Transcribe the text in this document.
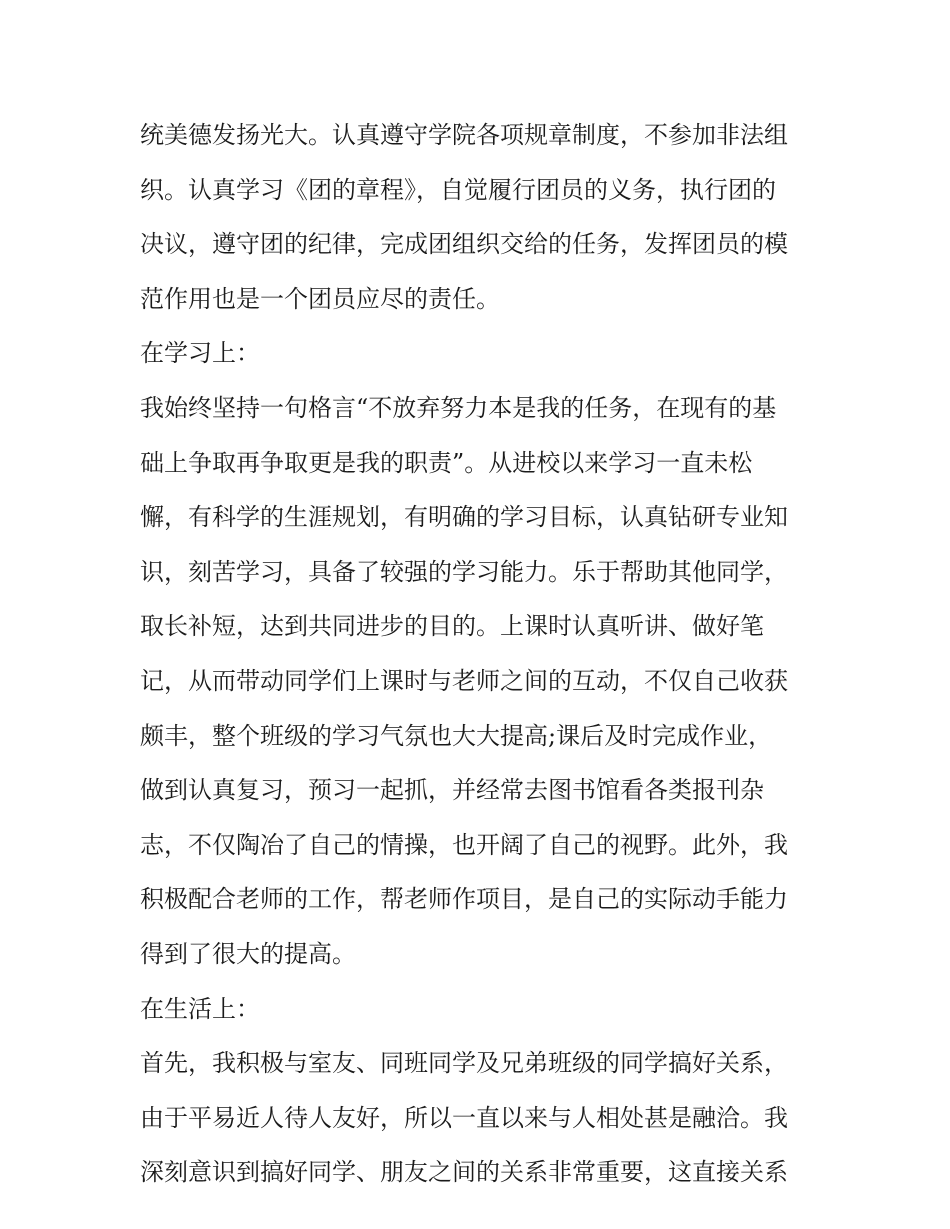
统美德发扬光大。认真遵守学院各项规章制度，不参加非法组
织。认真学习《团的章程》，自觉履行团员的义务，执行团的
决议，遵守团的纪律，完成团组织交给的任务，发挥团员的模
范作用也是一个团员应尽的责任。
在学习上：
我始终坚持一句格言“不放弃努力本是我的任务，在现有的基
础上争取再争取更是我的职责”。从进校以来学习一直未松
懈，有科学的生涯规划，有明确的学习目标，认真钻研专业知
识，刻苦学习，具备了较强的学习能力。乐于帮助其他同学，
取长补短，达到共同进步的目的。上课时认真听讲、做好笔
记，从而带动同学们上课时与老师之间的互动，不仅自己收获
颇丰，整个班级的学习气氛也大大提高;课后及时完成作业，
做到认真复习，预习一起抓，并经常去图书馆看各类报刊杂
志，不仅陶冶了自己的情操，也开阔了自己的视野。此外，我
积极配合老师的工作，帮老师作项目，是自己的实际动手能力
得到了很大的提高。
在生活上：
首先，我积极与室友、同班同学及兄弟班级的同学搞好关系，
由于平易近人待人友好，所以一直以来与人相处甚是融洽。我
深刻意识到搞好同学、朋友之间的关系非常重要，这直接关系
